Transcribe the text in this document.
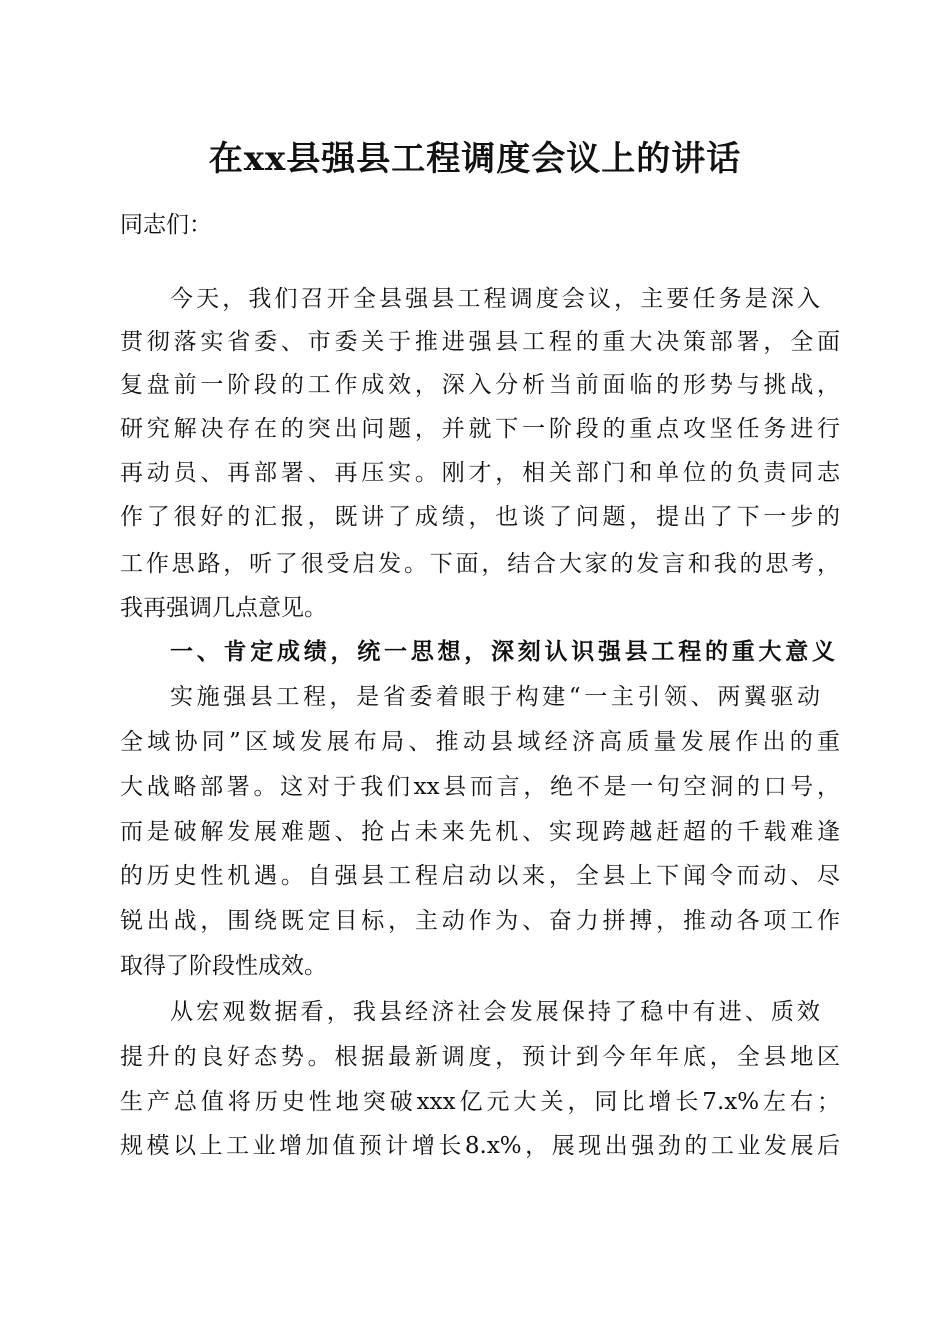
在xx县强县工程调度会议上的讲话
同志们：
今天，我们召开全县强县工程调度会议，主要任务是深入
贯彻落实省委、市委关于推进强县工程的重大决策部署，全面
复盘前一阶段的工作成效，深入分析当前面临的形势与挑战，
研究解决存在的突出问题，并就下一阶段的重点攻坚任务进行
再动员、再部署、再压实。刚才，相关部门和单位的负责同志
作了很好的汇报，既讲了成绩，也谈了问题，提出了下一步的
工作思路，听了很受启发。下面，结合大家的发言和我的思考，
我再强调几点意见。
一、肯定成绩，统一思想，深刻认识强县工程的重大意义
实施强县工程，是省委着眼于构建“一主引领、两翼驱动
全域协同”区域发展布局、推动县域经济高质量发展作出的重
大战略部署。这对于我们xx县而言，绝不是一句空洞的口号，
而是破解发展难题、抢占未来先机、实现跨越赶超的千载难逢
的历史性机遇。自强县工程启动以来，全县上下闻令而动、尽
锐出战，围绕既定目标，主动作为、奋力拼搏，推动各项工作
取得了阶段性成效。
从宏观数据看，我县经济社会发展保持了稳中有进、质效
提升的良好态势。根据最新调度，预计到今年年底，全县地区
生产总值将历史性地突破xxx亿元大关，同比增长7.x%左右；
规模以上工业增加值预计增长8.x%，展现出强劲的工业发展后
